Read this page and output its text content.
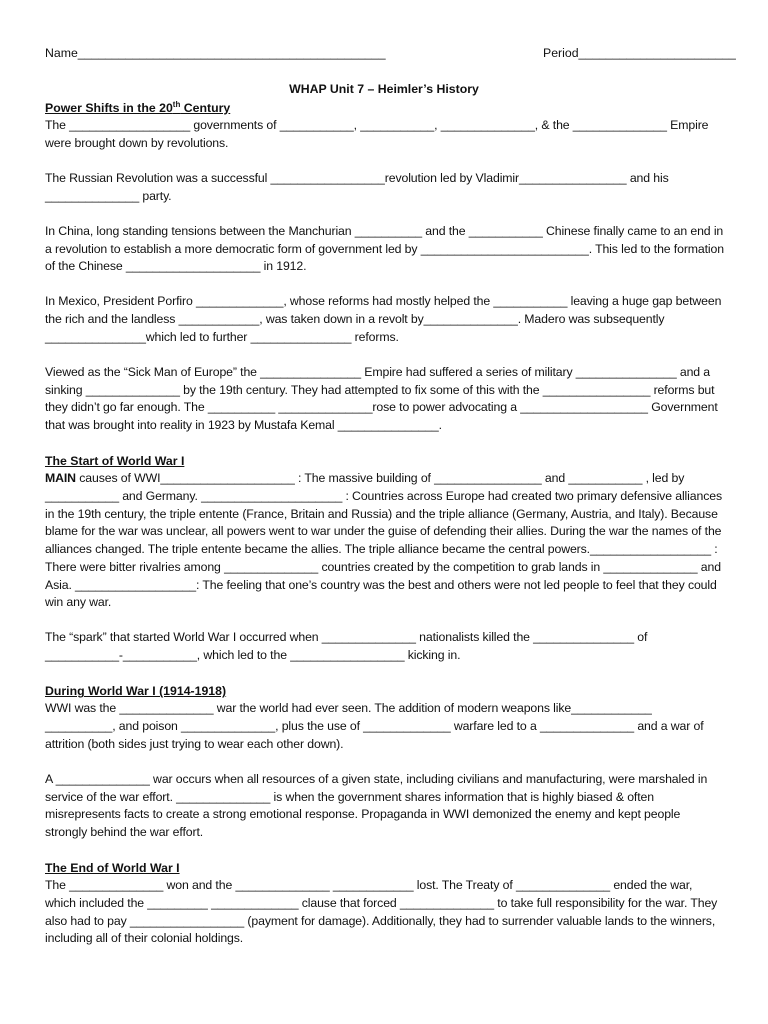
Name_____________________________________________	Period_______________________
WHAP Unit 7 – Heimler’s History

Power Shifts in the 20th Century

The __________________ governments of ___________, ___________, ______________, & the ______________ Empire were brought down by revolutions.

The Russian Revolution was a successful _________________revolution led by Vladimir________________ and his ______________ party.

In China, long standing tensions between the Manchurian __________ and the ___________ Chinese finally came to an end in a revolution to establish a more democratic form of government led by _________________________. This led to the formation of the Chinese ____________________ in 1912.

In Mexico, President Porfiro _____________, whose reforms had mostly helped the ___________ leaving a huge gap between the rich and the landless ____________, was taken down in a revolt by______________. Madero was subsequently _______________which led to further _______________ reforms.

Viewed as the “Sick Man of Europe” the _______________ Empire had suffered a series of military _______________ and a sinking ______________ by the 19th century. They had attempted to fix some of this with the ________________ reforms but they didn’t go far enough. The __________ ______________rose to power advocating a ___________________ Government that was brought into reality in 1923 by Mustafa Kemal _______________.

The Start of World War I

MAIN causes of WWI____________________ : The massive building of ________________ and ___________ , led by ___________ and Germany. _____________________ : Countries across Europe had created two primary defensive alliances in the 19th century, the triple entente (France, Britain and Russia) and the triple alliance (Germany, Austria, and Italy). Because blame for the war was unclear, all powers went to war under the guise of defending their allies. During the war the names of the alliances changed. The triple entente became the allies. The triple alliance became the central powers.__________________ : There were bitter rivalries among ______________ countries created by the competition to grab lands in ______________ and Asia. __________________: The feeling that one’s country was the best and others were not led people to feel that they could win any war.

The “spark” that started World War I occurred when ______________ nationalists killed the _______________ of ___________-___________, which led to the _________________ kicking in.

During World War I (1914-1918)

WWI was the ______________ war the world had ever seen. The addition of modern weapons like____________ __________, and poison ______________, plus the use of _____________ warfare led to a ______________ and a war of attrition (both sides just trying to wear each other down).

A ______________ war occurs when all resources of a given state, including civilians and manufacturing, were marshaled in service of the war effort. ______________ is when the government shares information that is highly biased & often misrepresents facts to create a strong emotional response. Propaganda in WWI demonized the enemy and kept people strongly behind the war effort.

The End of World War I

The ______________ won and the ______________ ____________ lost. The Treaty of ______________ ended the war, which included the _________ _____________ clause that forced ______________ to take full responsibility for the war. They also had to pay _________________ (payment for damage). Additionally, they had to surrender valuable lands to the winners, including all of their colonial holdings.
